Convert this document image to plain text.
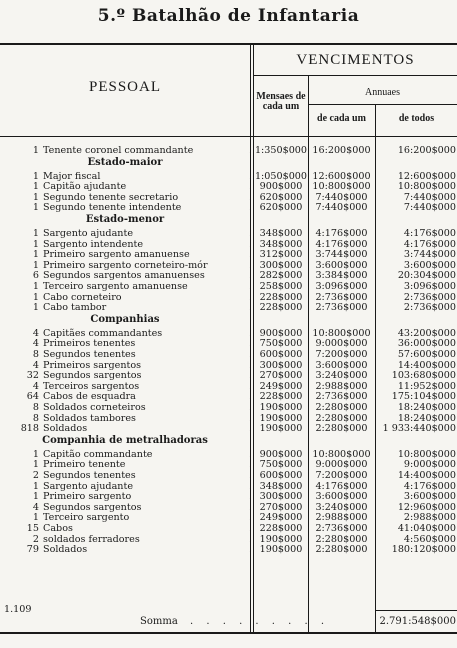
5.º Batalhão de Infantaria
PESSOAL
VENCIMENTOS
Annuaes
Mensaes de cada um
de cada um	de todos
1 Tenente coronel commandante	1:350$000 16:200$000	16:200$000
Estado-maior
1 Major fiscal	1:050$000 12:600$000	12:600$000
1 Capitão ajudante	900$000	10:800$000	10:800$000
1 Segundo tenente secretario	620$000	7:440$000	7:440$000
1 Segundo tenente intendente	620$000	7:440$000	7:440$000
Estado-menor
1 Sargento ajudante	348$000	4:176$000	4:176$000
1 Sargento intendente	348$000	4:176$000	4:176$000
1 Primeiro sargento amanuense	312$000	3:744$000	3:744$000
1 Primeiro sargento corneteiro-mór	300$000	3:600$000	3:600$000
6 Segundos sargentos amanuenses	282$000	3:384$000	20:304$000
1 Terceiro sargento amanuense	258$000	3:096$000	3:096$000
1 Cabo corneteiro	228$000	2:736$000	2:736$000
1 Cabo tambor	228$000	2:736$000	2:736$000
Companhias
4 Capitães commandantes	900$000	10:800$000	43:200$000
4 Primeiros tenentes	750$000	9:000$000	36:000$000
8 Segundos tenentes	600$000	7:200$000	57:600$000
4 Primeiros sargentos	300$000	3:600$000	14:400$000
32 Segundos sargentos	270$000	3:240$000	103:680$000
4 Terceiros sargentos	249$000	2:988$000	11:952$000
64 Cabos de esquadra	228$000	2:736$000	175:104$000
8 Soldados corneteiros	190$000	2:280$000	18:240$000
8 Soldados tambores	190$000	2:280$000	18:240$000
818 Soldados	190$000	2:280$000	1 933:440$000
Companhia de metralhadoras
1 Capitão commandante	900$000	10:800$000	10:800$000
1 Primeiro tenente	750$000	9:000$000	9:000$000
2 Segundos tenentes	600$000	7:200$000	14:400$000
1 Sargento ajudante	348$000	4:176$000	4:176$000
1 Primeiro sargento	300$000	3:600$000	3:600$000
4 Segundos sargentos	270$000	3:240$000	12:960$000
1 Terceiro sargento	249$000	2:988$000	2:988$000
15 Cabos	228$000	2:736$000	41:040$000
2 soldados ferradores	190$000	2:280$000	4:560$000
79 Soldados	190$000	2:280$000	180:120$000
1.109
Somma . . . . . . . . .	2.791:548$000
